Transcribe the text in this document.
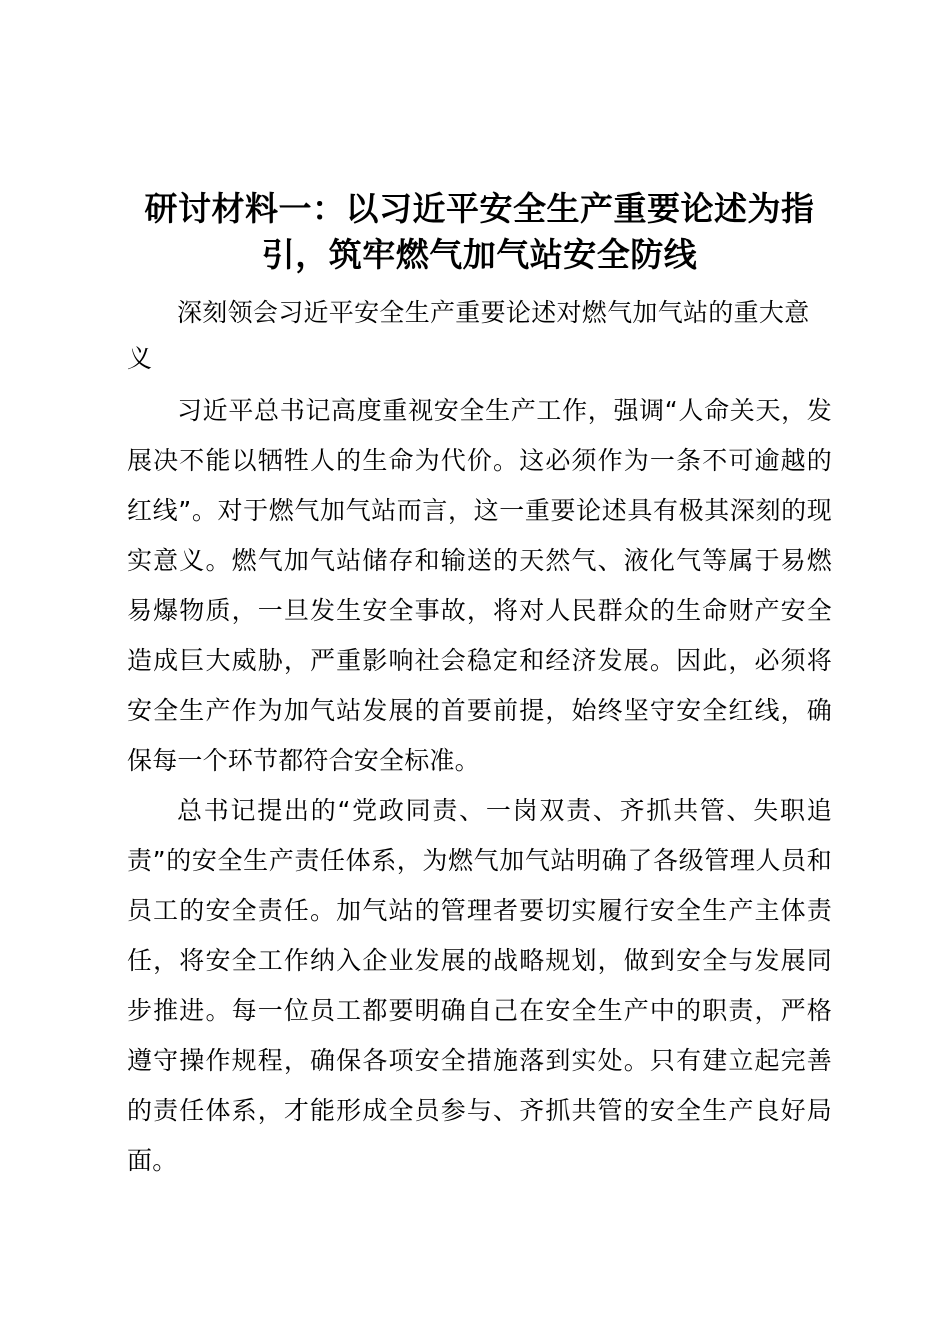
研讨材料一：以习近平安全生产重要论述为指引，筑牢燃气加气站安全防线

深刻领会习近平安全生产重要论述对燃气加气站的重大意义

习近平总书记高度重视安全生产工作，强调“人命关天，发展决不能以牺牲人的生命为代价。这必须作为一条不可逾越的红线”。对于燃气加气站而言，这一重要论述具有极其深刻的现实意义。燃气加气站储存和输送的天然气、液化气等属于易燃易爆物质，一旦发生安全事故，将对人民群众的生命财产安全造成巨大威胁，严重影响社会稳定和经济发展。因此，必须将安全生产作为加气站发展的首要前提，始终坚守安全红线，确保每一个环节都符合安全标准。

总书记提出的“党政同责、一岗双责、齐抓共管、失职追责”的安全生产责任体系，为燃气加气站明确了各级管理人员和员工的安全责任。加气站的管理者要切实履行安全生产主体责任，将安全工作纳入企业发展的战略规划，做到安全与发展同步推进。每一位员工都要明确自己在安全生产中的职责，严格遵守操作规程，确保各项安全措施落到实处。只有建立起完善的责任体系，才能形成全员参与、齐抓共管的安全生产良好局面。
